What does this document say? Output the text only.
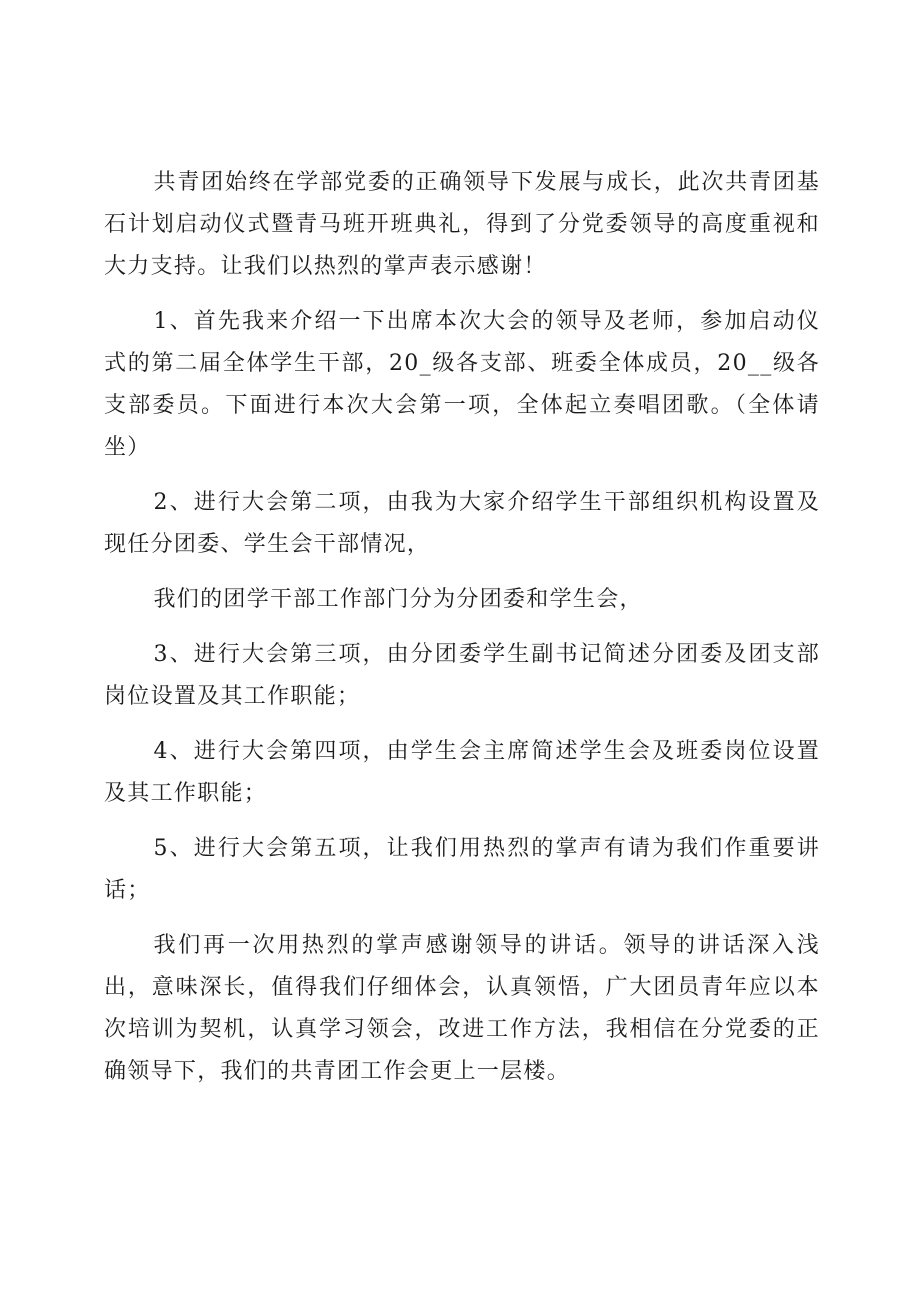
共青团始终在学部党委的正确领导下发展与成长，此次共青团基石计划启动仪式暨青马班开班典礼，得到了分党委领导的高度重视和大力支持。让我们以热烈的掌声表示感谢！

1、首先我来介绍一下出席本次大会的领导及老师，参加启动仪式的第二届全体学生干部，20_级各支部、班委全体成员，20__级各支部委员。下面进行本次大会第一项，全体起立奏唱团歌。（全体请坐）

2、进行大会第二项，由我为大家介绍学生干部组织机构设置及现任分团委、学生会干部情况，

我们的团学干部工作部门分为分团委和学生会，

3、进行大会第三项，由分团委学生副书记简述分团委及团支部岗位设置及其工作职能；

4、进行大会第四项，由学生会主席简述学生会及班委岗位设置及其工作职能；

5、进行大会第五项，让我们用热烈的掌声有请为我们作重要讲话；

我们再一次用热烈的掌声感谢领导的讲话。领导的讲话深入浅出，意味深长，值得我们仔细体会，认真领悟，广大团员青年应以本次培训为契机，认真学习领会，改进工作方法，我相信在分党委的正确领导下，我们的共青团工作会更上一层楼。
